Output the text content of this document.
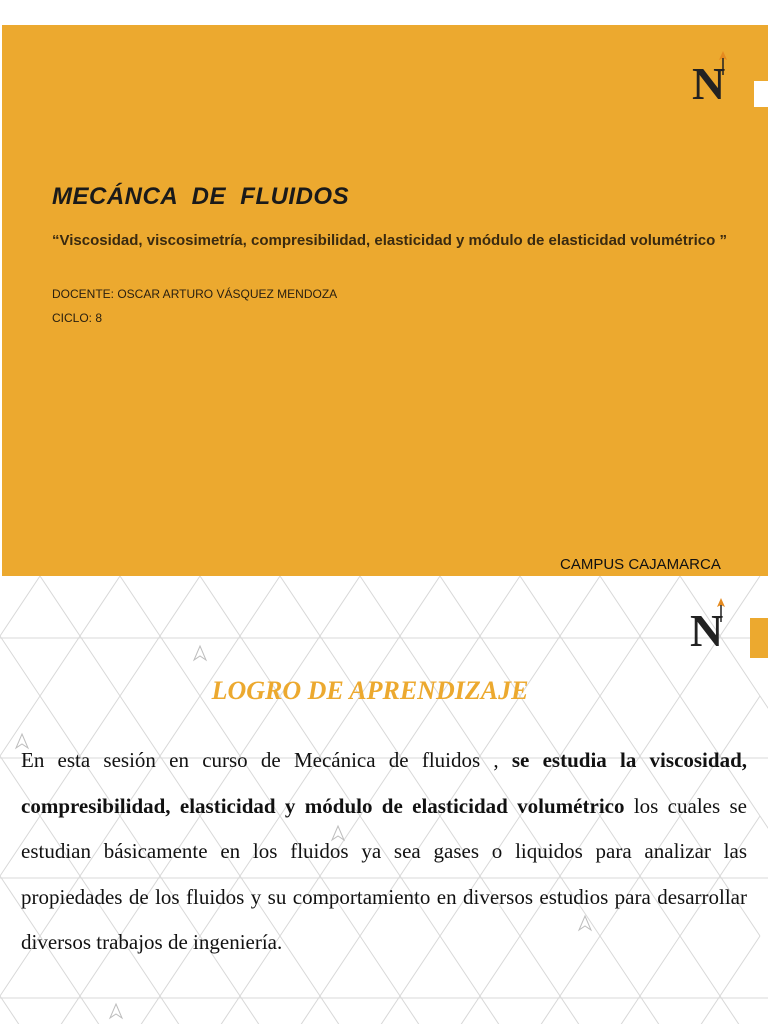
N
MECÁNCA  DE  FLUIDOS
“Viscosidad, viscosimetría, compresibilidad, elasticidad y módulo de elasticidad volumétrico ”
DOCENTE: OSCAR ARTURO VÁSQUEZ MENDOZA
CICLO: 8
CAMPUS CAJAMARCA
N
LOGRO DE APRENDIZAJE
En esta sesión en curso de Mecánica de fluidos , se estudia la viscosidad, compresibilidad, elasticidad y módulo de elasticidad volumétrico los cuales se estudian básicamente en los fluidos ya sea gases o liquidos para analizar las propiedades de los fluidos y su comportamiento en diversos estudios para desarrollar diversos trabajos de ingeniería.
